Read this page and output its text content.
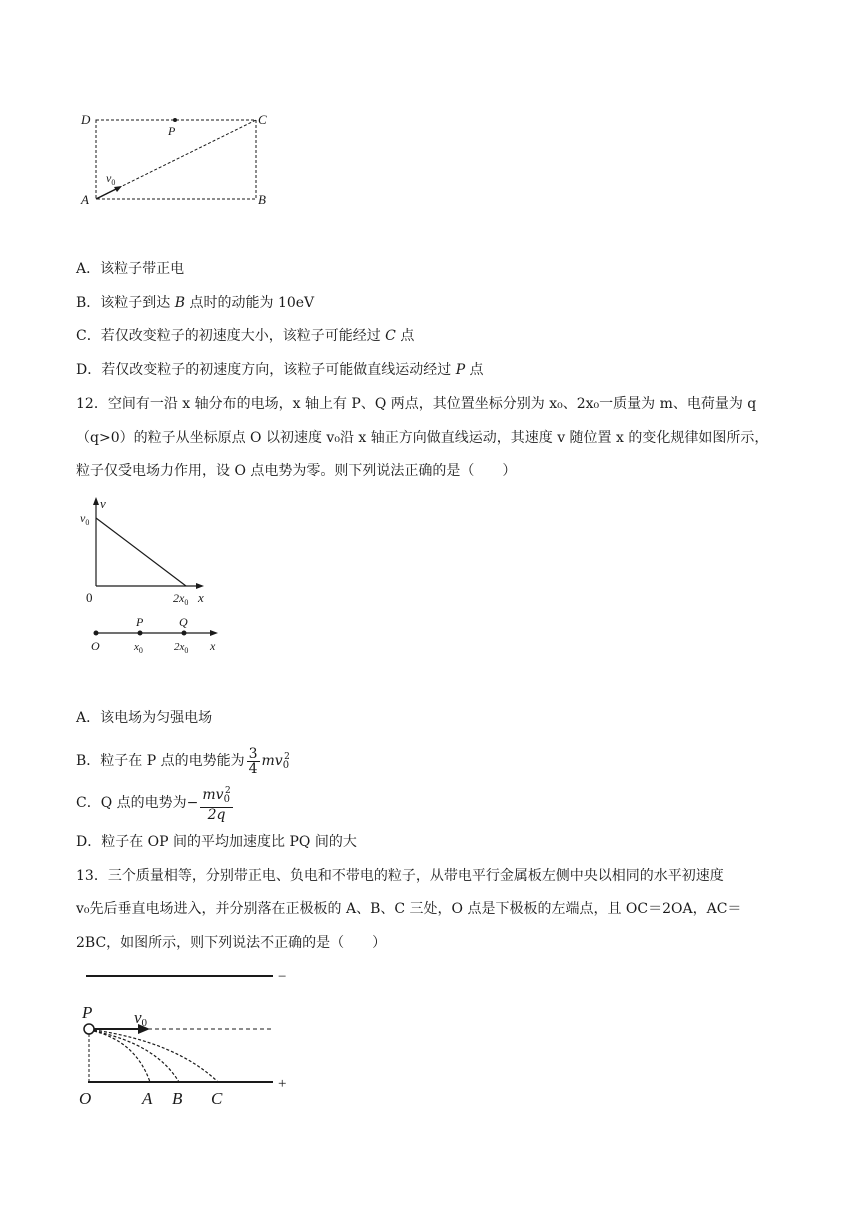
D	C
A	B
P
$v_0$
A．该粒子带正电
B．该粒子到达 B 点时的动能为 10eV
C．若仅改变粒子的初速度大小，该粒子可能经过 C 点
D．若仅改变粒子的初速度方向，该粒子可能做直线运动经过 P 点
12．空间有一沿 x 轴分布的电场，x 轴上有 P、Q 两点，其位置坐标分别为 x₀、2x₀一质量为 m、电荷量为 q
（q>0）的粒子从坐标原点 O 以初速度 v₀沿 x 轴正方向做直线运动，其速度 v 随位置 x 的变化规律如图所示，
粒子仅受电场力作用，设 O 点电势为零。则下列说法正确的是（　　）
v
$v_0$
0	$2x_0$ x
P	Q
O	$x_0$	$2x_0$ x
A．该电场为匀强电场
B．粒子在 P 点的电势能为 $\frac{3}{4} mv_0^2$
C．Q 点的电势为− $\frac{mv_0^2}{2q}$
D．粒子在 OP 间的平均加速度比 PQ 间的大
13．三个质量相等，分别带正电、负电和不带电的粒子，从带电平行金属板左侧中央以相同的水平初速度
v₀先后垂直电场进入，并分别落在正极板的 A、B、C 三处，O 点是下极板的左端点，且 OC＝2OA，AC＝
2BC，如图所示，则下列说法不正确的是（　　）
−
+
P v0
O	A B C
